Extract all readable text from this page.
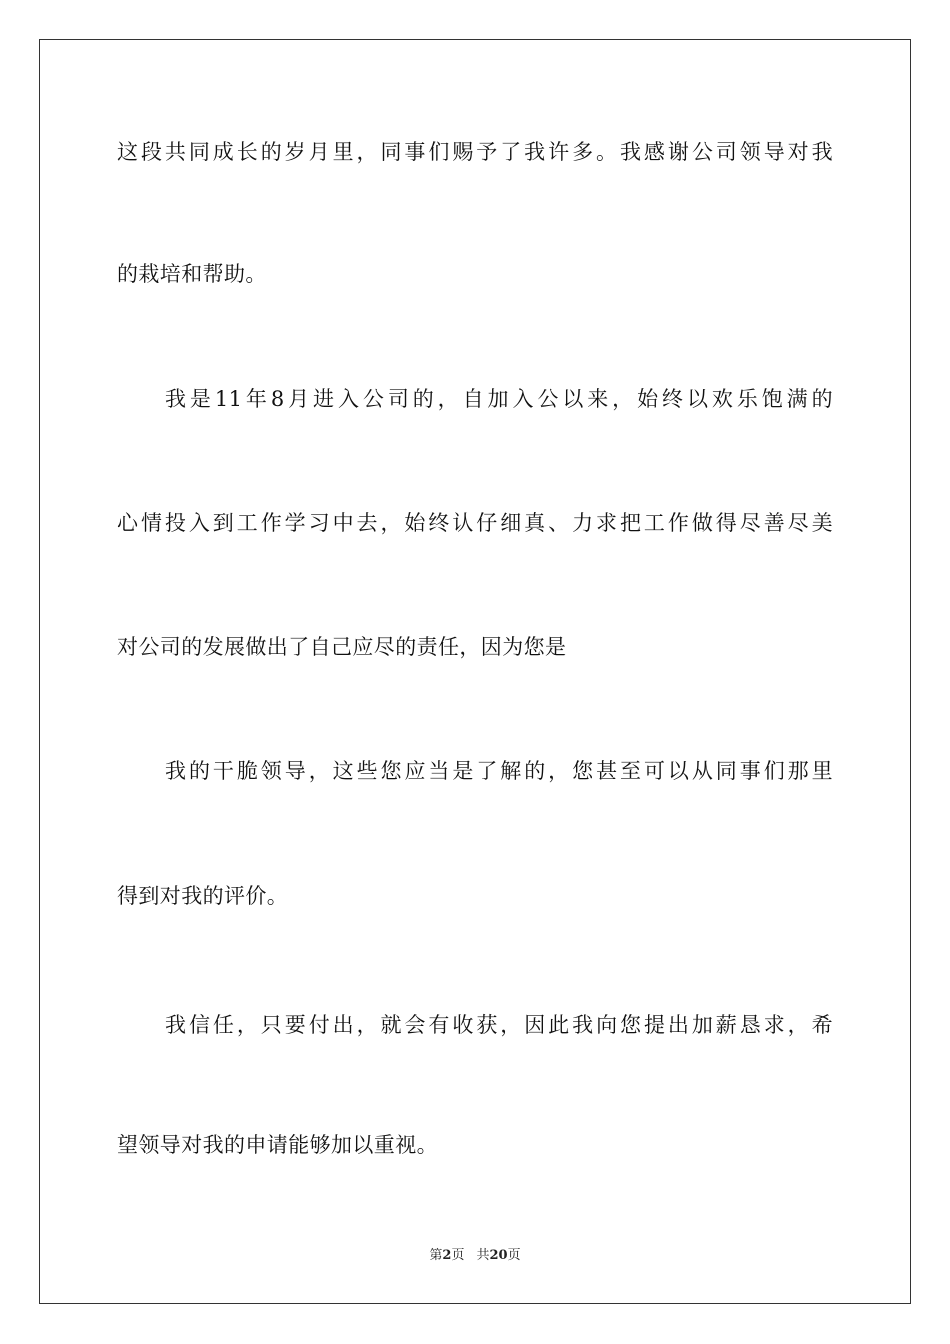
这段共同成长的岁月里，同事们赐予了我许多。我感谢公司领导对我
的栽培和帮助。
我是11年8月进入公司的，自加入公以来，始终以欢乐饱满的
心情投入到工作学习中去，始终认仔细真、力求把工作做得尽善尽美
对公司的发展做出了自己应尽的责任，因为您是
我的干脆领导，这些您应当是了解的，您甚至可以从同事们那里
得到对我的评价。
我信任，只要付出，就会有收获，因此我向您提出加薪恳求，希
望领导对我的申请能够加以重视。
第2页 共20页
